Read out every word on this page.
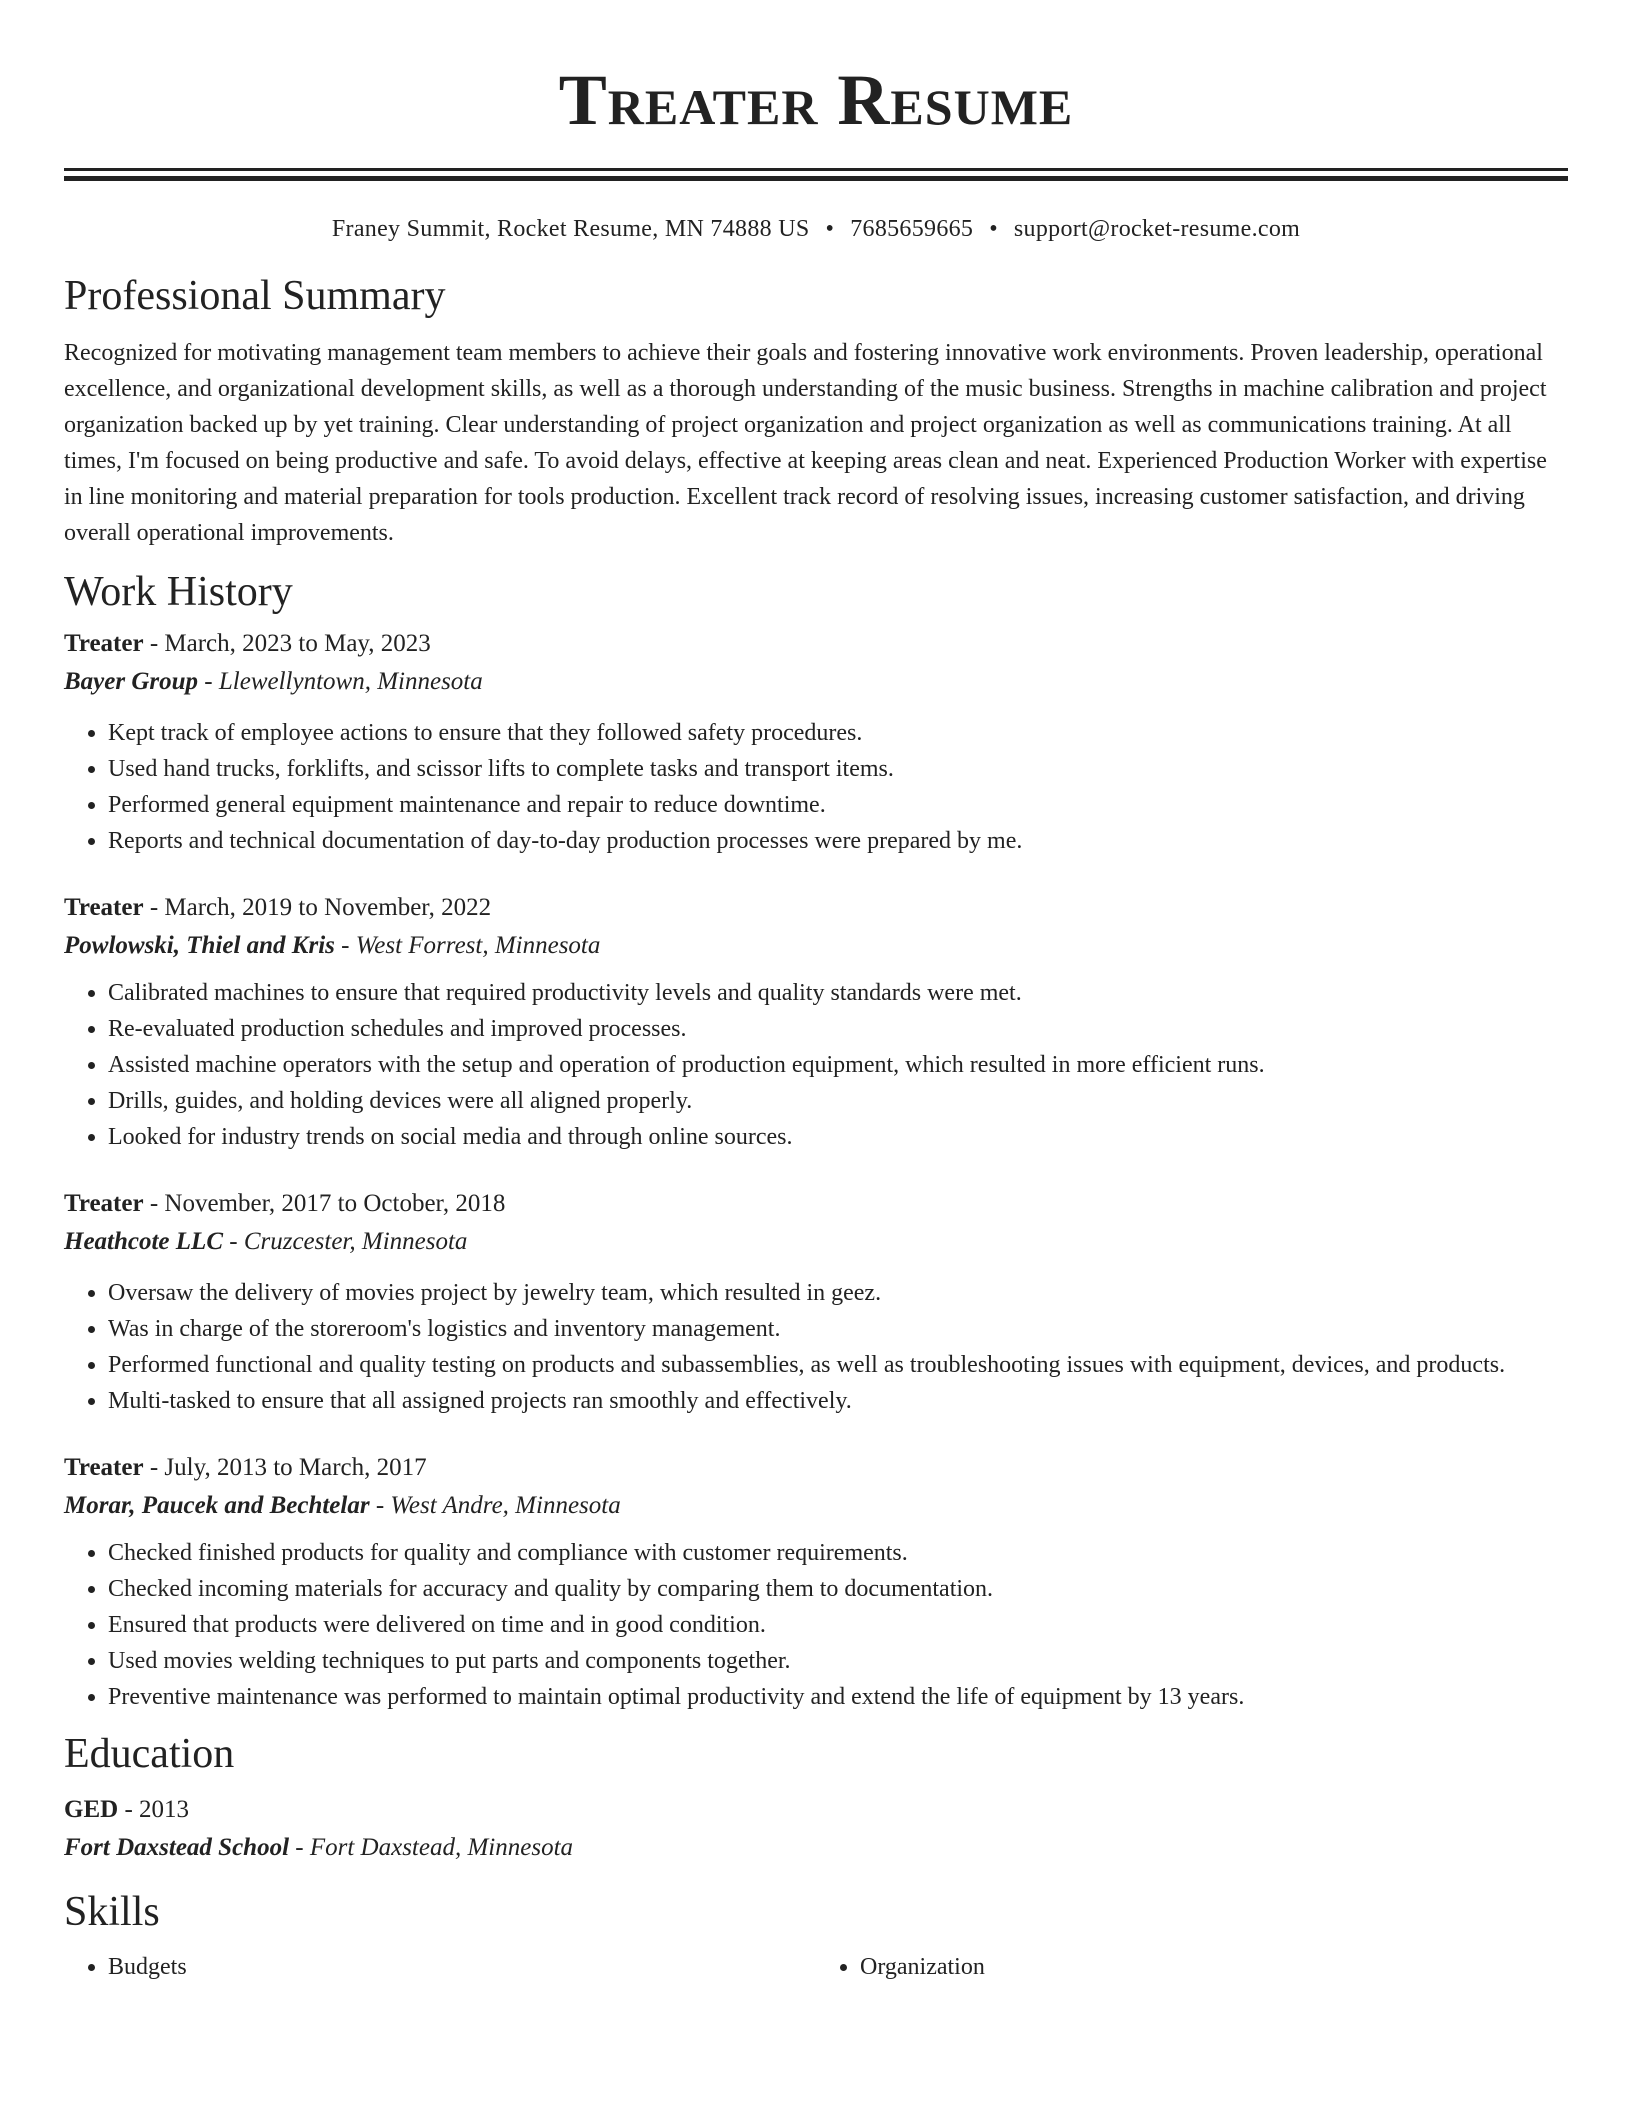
Treater Resume
Franey Summit, Rocket Resume, MN 74888 US • 7685659665 • support@rocket-resume.com
Professional Summary

Recognized for motivating management team members to achieve their goals and fostering innovative work environments. Proven leadership, operational excellence, and organizational development skills, as well as a thorough understanding of the music business. Strengths in machine calibration and project organization backed up by yet training. Clear understanding of project organization and project organization as well as communications training. At all times, I'm focused on being productive and safe. To avoid delays, effective at keeping areas clean and neat. Experienced Production Worker with expertise in line monitoring and material preparation for tools production. Excellent track record of resolving issues, increasing customer satisfaction, and driving overall operational improvements.

Work History
Treater - March, 2023 to May, 2023
Bayer Group - Llewellyntown, Minnesota
• Kept track of employee actions to ensure that they followed safety procedures.
• Used hand trucks, forklifts, and scissor lifts to complete tasks and transport items.
• Performed general equipment maintenance and repair to reduce downtime.
• Reports and technical documentation of day-to-day production processes were prepared by me.
Treater - March, 2019 to November, 2022
Powlowski, Thiel and Kris - West Forrest, Minnesota
• Calibrated machines to ensure that required productivity levels and quality standards were met.
• Re-evaluated production schedules and improved processes.
• Assisted machine operators with the setup and operation of production equipment, which resulted in more efficient runs.
• Drills, guides, and holding devices were all aligned properly.
• Looked for industry trends on social media and through online sources.
Treater - November, 2017 to October, 2018
Heathcote LLC - Cruzcester, Minnesota
• Oversaw the delivery of movies project by jewelry team, which resulted in geez.
• Was in charge of the storeroom's logistics and inventory management.
• Performed functional and quality testing on products and subassemblies, as well as troubleshooting issues with equipment, devices, and products.
• Multi-tasked to ensure that all assigned projects ran smoothly and effectively.
Treater - July, 2013 to March, 2017
Morar, Paucek and Bechtelar - West Andre, Minnesota
• Checked finished products for quality and compliance with customer requirements.
• Checked incoming materials for accuracy and quality by comparing them to documentation.
• Ensured that products were delivered on time and in good condition.
• Used movies welding techniques to put parts and components together.
• Preventive maintenance was performed to maintain optimal productivity and extend the life of equipment by 13 years.
Education
GED - 2013
Fort Daxstead School - Fort Daxstead, Minnesota
Skills
• Budgets
•	Organization
